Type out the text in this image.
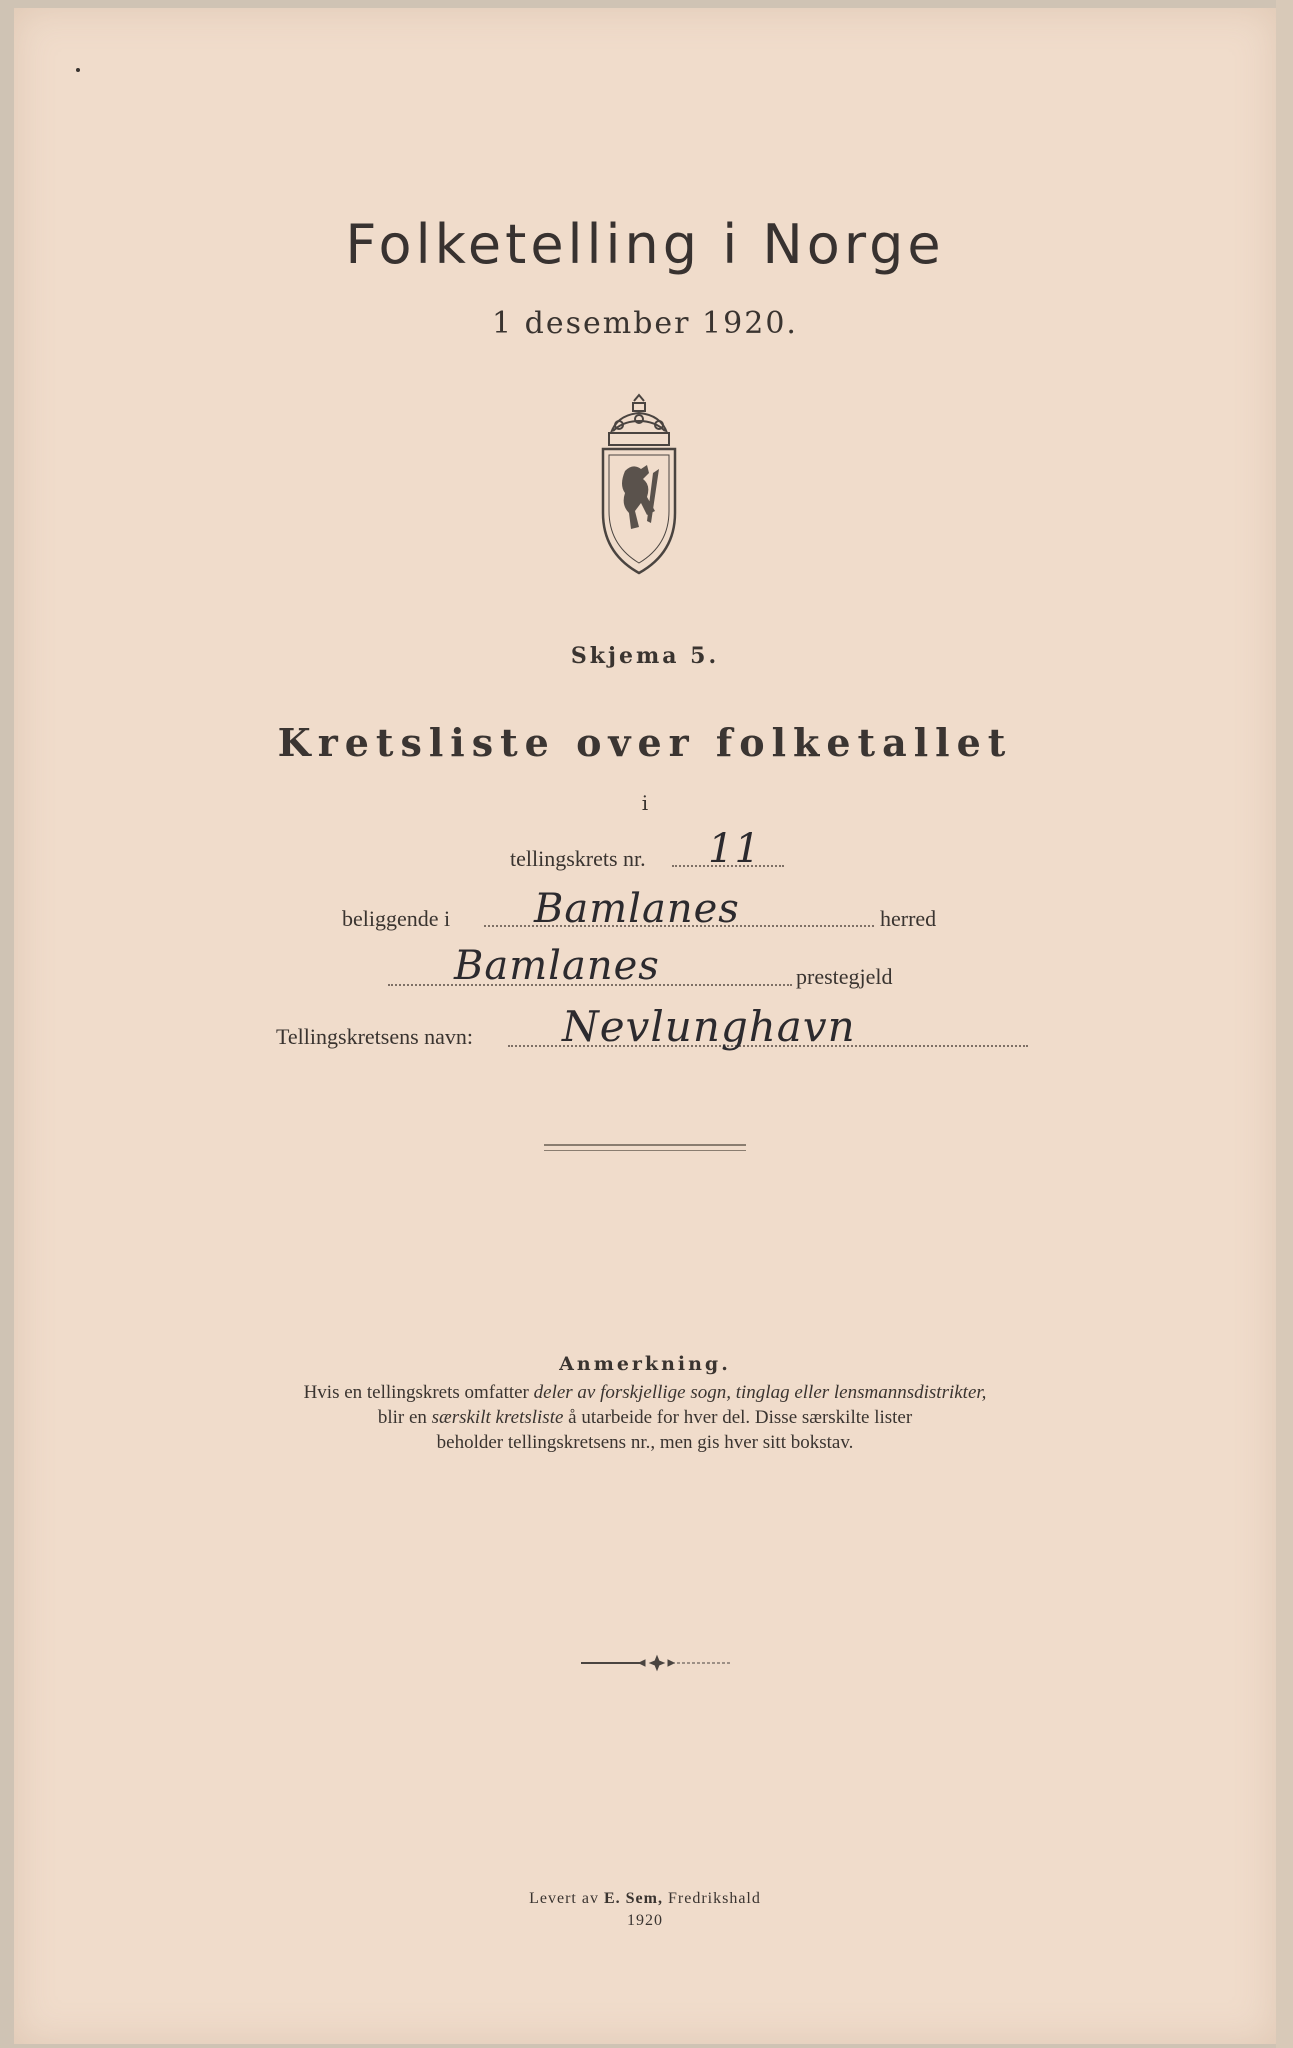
Folketelling i Norge
1 desember 1920.
Skjema 5.
Kretsliste over folketallet
i
tellingskrets nr. 11
beliggende i Bamlanes	herred
Bamlanes	prestegjeld
Tellingskretsens navn: Nevlunghavn
Anmerkning.
Hvis en tellingskrets omfatter deler av forskjellige sogn, tinglag eller lensmannsdistrikter,
blir en særskilt kretsliste å utarbeide for hver del. Disse særskilte lister
beholder tellingskretsens nr., men gis hver sitt bokstav.
Levert av E. Sem, Fredrikshald
1920
